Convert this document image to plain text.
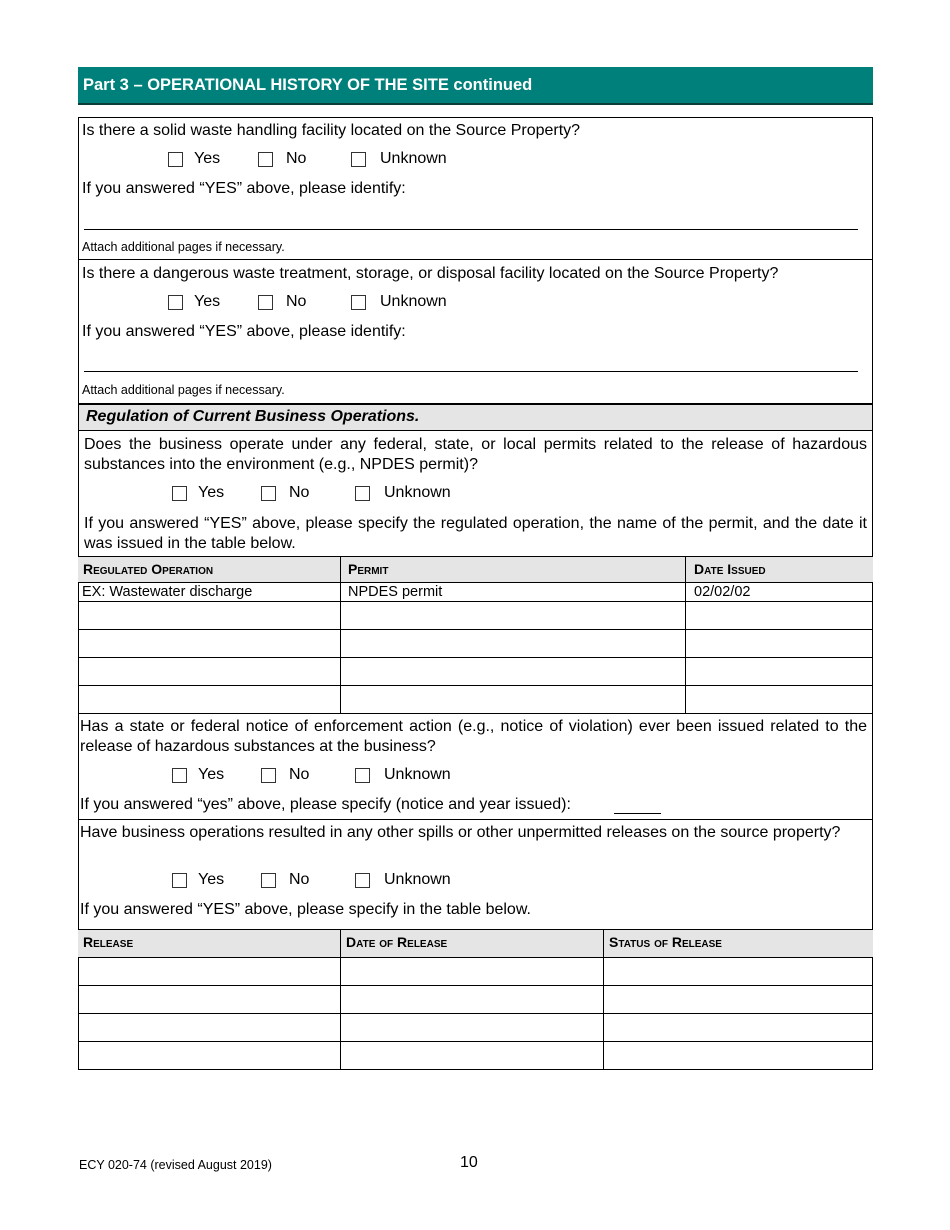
Part 3 – OPERATIONAL HISTORY OF THE SITE continued
Is there a solid waste handling facility located on the Source Property?
Yes	No	Unknown
If you answered “YES” above, please identify:
Attach additional pages if necessary.
Is there a dangerous waste treatment, storage, or disposal facility located on the Source Property?
Yes	No	Unknown
If you answered “YES” above, please identify:
Attach additional pages if necessary.
Regulation of Current Business Operations.
Does the business operate under any federal, state, or local permits related to the release of hazardous substances into the environment (e.g., NPDES permit)?
Yes	No	Unknown
If you answered “YES” above, please specify the regulated operation, the name of the permit, and the date it was issued in the table below.
Regulated Operation	Permit	Date Issued
EX: Wastewater discharge	NPDES permit	02/02/02
Has a state or federal notice of enforcement action (e.g., notice of violation) ever been issued related to the release of hazardous substances at the business?
Yes	No	Unknown
If you answered “yes” above, please specify (notice and year issued):
Have business operations resulted in any other spills or other unpermitted releases on the source property?
Yes	No	Unknown
If you answered “YES” above, please specify in the table below.
Release	Date of Release	Status of Release
ECY 020-74 (revised August 2019)	10
